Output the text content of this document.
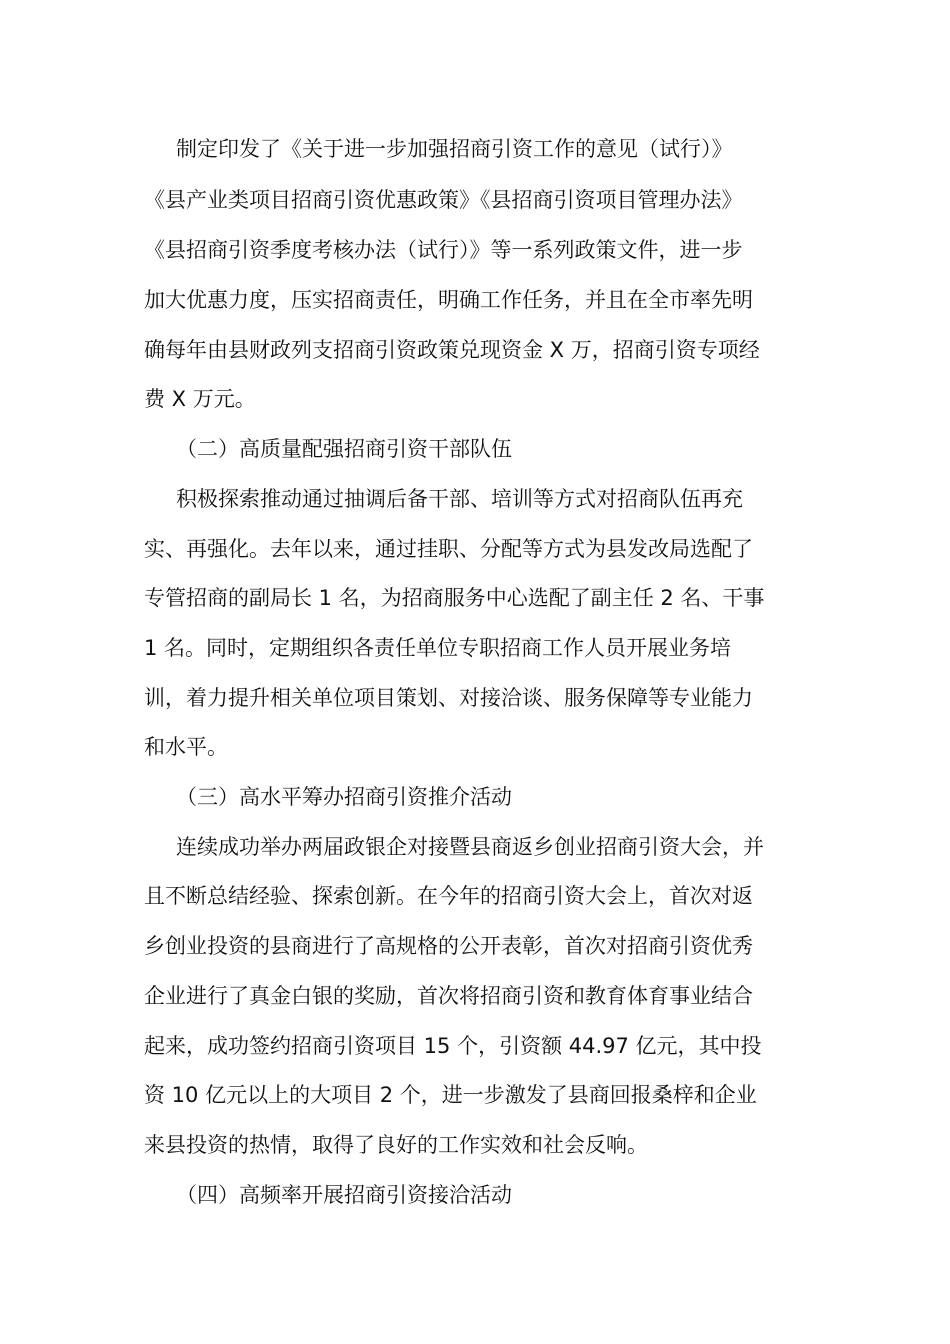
制定印发了《关于进一步加强招商引资工作的意见（试行）》
《县产业类项目招商引资优惠政策》《县招商引资项目管理办法》
《县招商引资季度考核办法（试行）》等一系列政策文件，进一步
加大优惠力度，压实招商责任，明确工作任务，并且在全市率先明
确每年由县财政列支招商引资政策兑现资金 X 万，招商引资专项经
费 X 万元。
（二）高质量配强招商引资干部队伍
积极探索推动通过抽调后备干部、培训等方式对招商队伍再充
实、再强化。去年以来，通过挂职、分配等方式为县发改局选配了
专管招商的副局长 1 名，为招商服务中心选配了副主任 2 名、干事
1 名。同时，定期组织各责任单位专职招商工作人员开展业务培
训，着力提升相关单位项目策划、对接洽谈、服务保障等专业能力
和水平。
（三）高水平筹办招商引资推介活动
连续成功举办两届政银企对接暨县商返乡创业招商引资大会，并
且不断总结经验、探索创新。在今年的招商引资大会上，首次对返
乡创业投资的县商进行了高规格的公开表彰，首次对招商引资优秀
企业进行了真金白银的奖励，首次将招商引资和教育体育事业结合
起来，成功签约招商引资项目 15 个，引资额 44.97 亿元，其中投
资 10 亿元以上的大项目 2 个，进一步激发了县商回报桑梓和企业
来县投资的热情，取得了良好的工作实效和社会反响。
（四）高频率开展招商引资接洽活动
